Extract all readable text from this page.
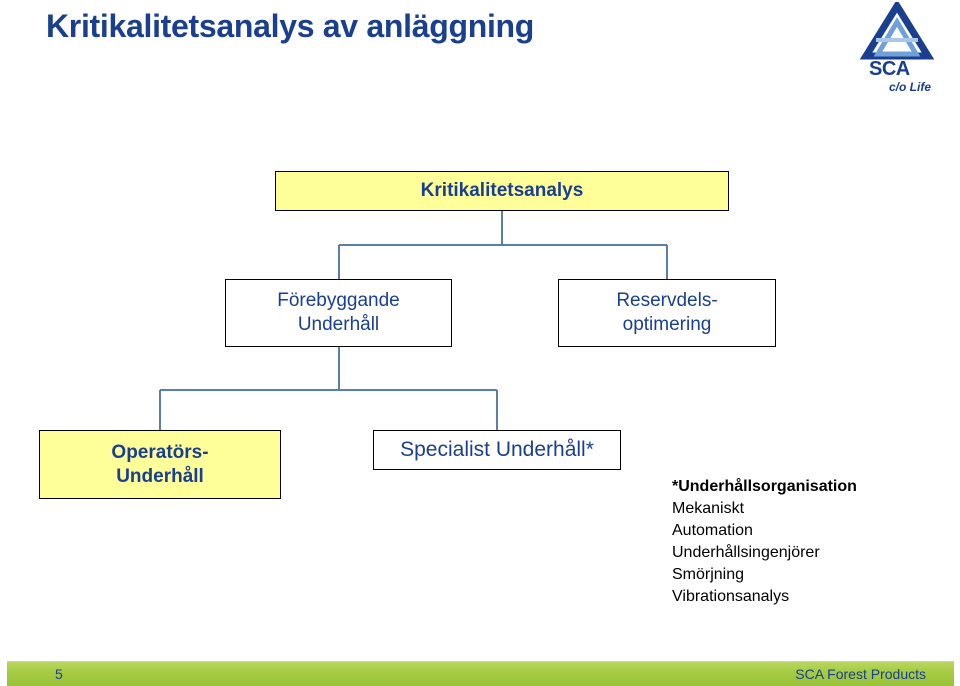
Kritikalitetsanalys av anläggning
SCA
c/o Life
Kritikalitetsanalys
Förebyggande
Underhåll
Reservdels-
optimering
Operatörs-
Underhåll
Specialist Underhåll*
*Underhållsorganisation
Mekaniskt
Automation
Underhållsingenjörer
Smörjning
Vibrationsanalys
5	SCA Forest Products
